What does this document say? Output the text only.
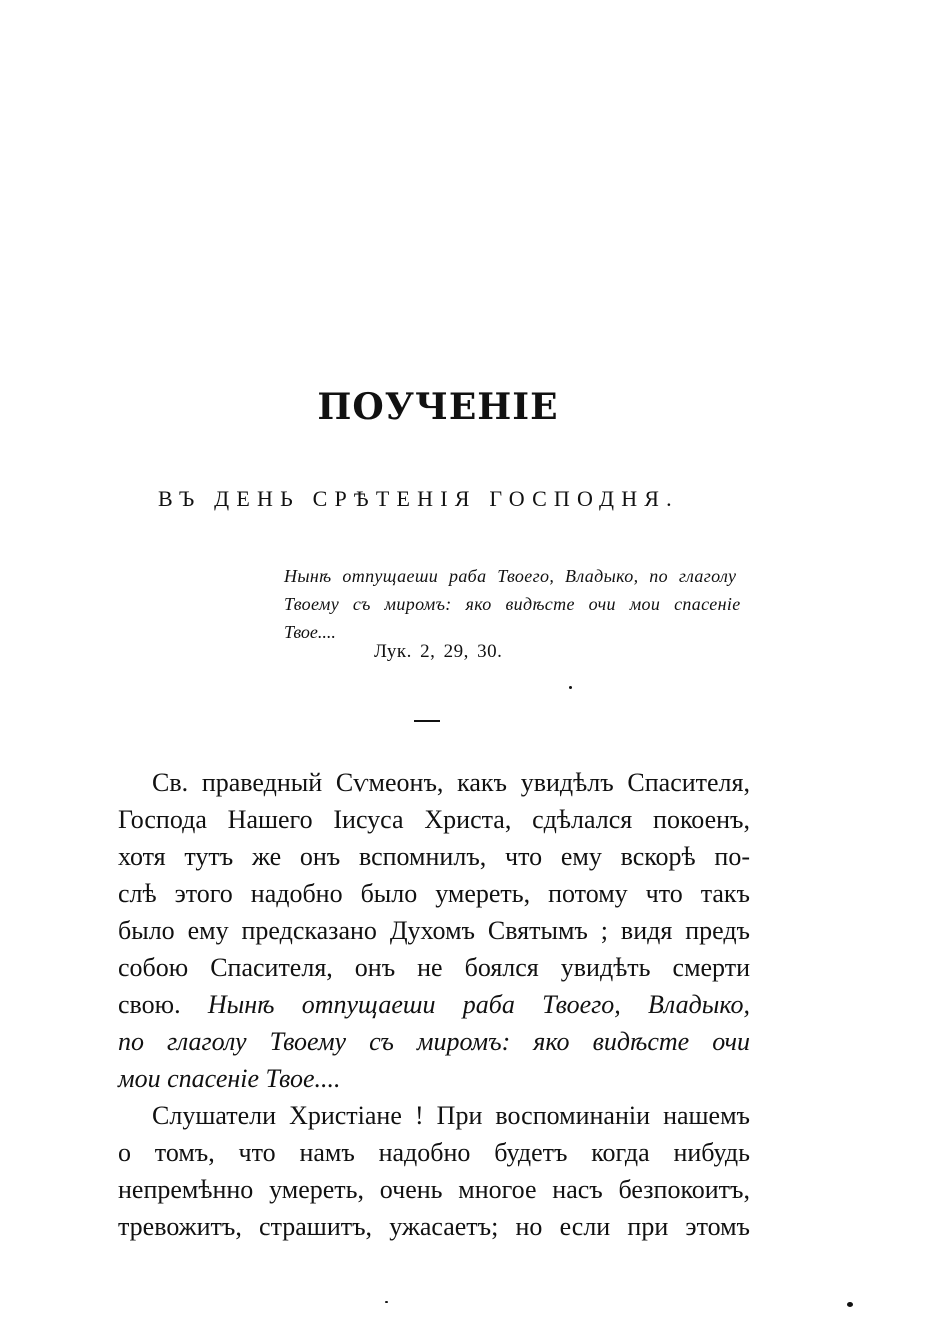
ПОУЧЕНІЕ
ВЪ ДЕНЬ СРѢТЕНІЯ ГОСПОДНЯ.
Нынѣ отпущаеши раба Твоего, Владыко, по глаголу
Твоему съ миромъ: яко видѣсте очи мои спасеніе
Твое....
Лук. 2, 29, 30.
Св. праведный Сѵмеонъ, какъ увидѣлъ Спасителя,
Господа Нашего Іисуса Христа, сдѣлался покоенъ,
хотя тутъ же онъ вспомнилъ, что ему вскорѣ по-
слѣ этого надобно было умереть, потому что такъ
было ему предсказано Духомъ Святымъ ; видя предъ
собою Спасителя, онъ не боялся увидѣть смерти
свою. Нынѣ отпущаеши раба Твоего, Владыко,
по глаголу Твоему съ миромъ: яко видѣсте очи
мои спасеніе Твое....
Слушатели Христіане ! При воспоминаніи нашемъ
о томъ, что намъ надобно будетъ когда нибудь
непремѣнно умереть, очень многое насъ безпокоитъ,
тревожитъ, страшитъ, ужасаетъ; но если при этомъ
